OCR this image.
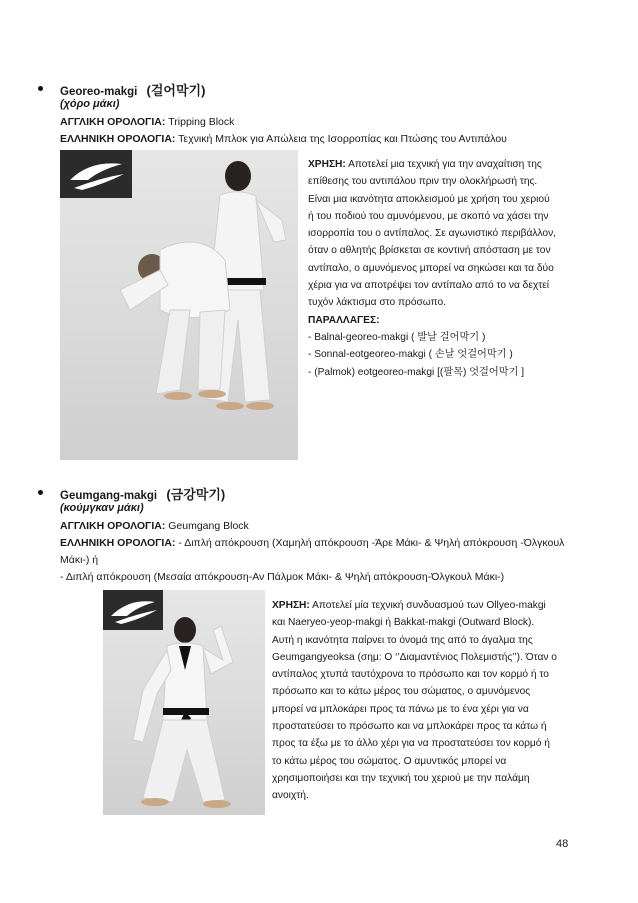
Georeo-makgi (걸어막기)
(χόρο μάκι)
ΑΓΓΛΙΚΗ ΟΡΟΛΟΓΙΑ: Tripping Block
ΕΛΛΗΝΙΚΗ ΟΡΟΛΟΓΙΑ: Τεχνική Μπλοκ για Απώλεια της Ισορροπίας και Πτώσης του Αντιπάλου
ΧΡΗΣΗ: Αποτελεί μια τεχνική για την αναχαίτιση της
επίθεσης του αντιπάλου πριν την ολοκλήρωσή της.
Είναι μια ικανότητα αποκλεισμού με χρήση του χεριού
ή του ποδιού του αμυνόμενου, με σκοπό να χάσει την
ισορροπία του ο αντίπαλος. Σε αγωνιστικό περιβάλλον,
όταν ο αθλητής βρίσκεται σε κοντινή απόσταση με τον
αντίπαλο, ο αμυνόμενος μπορεί να σηκώσει και τα δύο
χέρια για να αποτρέψει τον αντίπαλο από το να δεχτεί
τυχόν λάκτισμα στο πρόσωπο.
ΠΑΡΑΛΛΑΓΕΣ:
- Balnal-georeo-makgi ( 발날 걸어막기 )
- Sonnal-eotgeoreo-makgi ( 손날 엇걸어막기 )
- (Palmok) eotgeoreo-makgi [(팔목) 엇걸어막기 ]
Geumgang-makgi (금강막기)
(κούμγκαν μάκι)
ΑΓΓΛΙΚΗ ΟΡΟΛΟΓΙΑ: Geumgang Block
ΕΛΛΗΝΙΚΗ ΟΡΟΛΟΓΙΑ: - Διπλή απόκρουση (Χαμηλή απόκρουση -Άρε Μάκι- & Ψηλή απόκρουση -Όλγκουλ
Μάκι-) ή
- Διπλή απόκρουση (Μεσαία απόκρουση-Αν Πάλμοκ Μάκι- & Ψηλή απόκρουση-Όλγκουλ Μάκι-)
ΧΡΗΣΗ: Αποτελεί μία τεχνική συνδυασμού των Ollyeo-makgi
και Naeryeo-yeop-makgi ή Bakkat-makgi (Outward Block).
Αυτή η ικανότητα παίρνει το όνομά της από το άγαλμα της
Geumgangyeoksa (σημ: Ο ‘’Διαμαντένιος Πολεμιστής’’). Όταν ο
αντίπαλος χτυπά ταυτόχρονα το πρόσωπο και τον κορμό ή το
πρόσωπο και το κάτω μέρος του σώματος, ο αμυνόμενος
μπορεί να μπλοκάρει προς τα πάνω με το ένα χέρι για να
προστατεύσει το πρόσωπο και να μπλοκάρει προς τα κάτω ή
προς τα έξω με το άλλο χέρι για να προστατεύσει τον κορμό ή
το κάτω μέρος του σώματος. Ο αμυντικός μπορεί να
χρησιμοποιήσει και την τεχνική του χεριού με την παλάμη
ανοιχτή.
48
